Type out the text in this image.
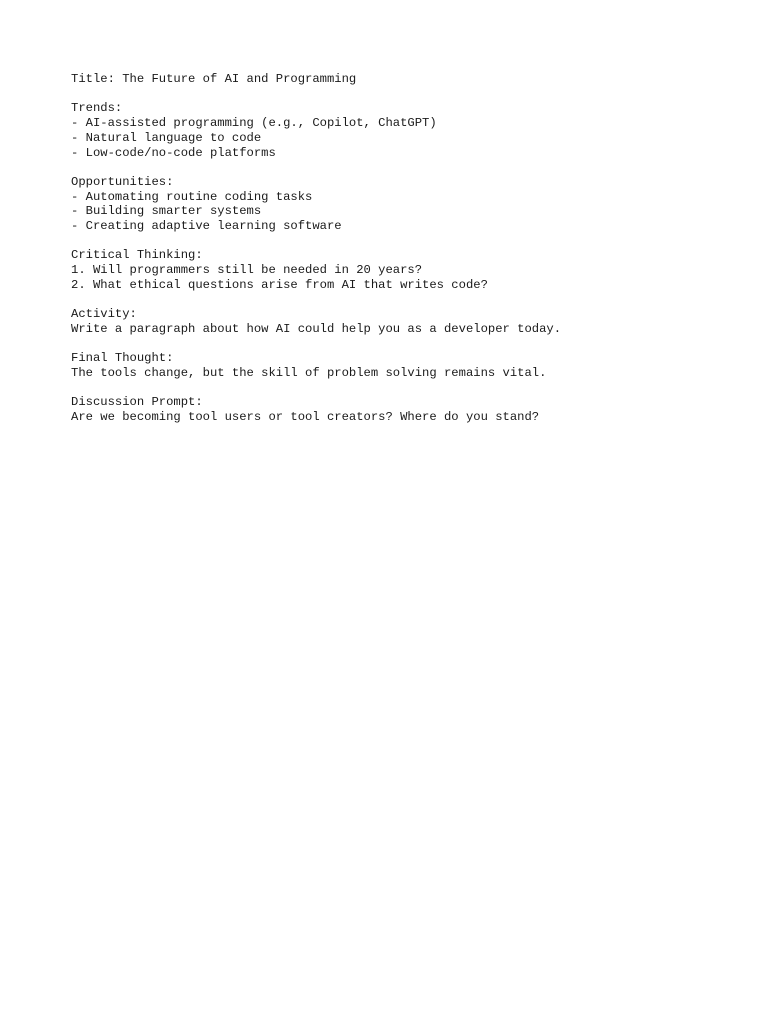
Title: The Future of AI and Programming
Trends:
- AI-assisted programming (e.g., Copilot, ChatGPT)
- Natural language to code
- Low-code/no-code platforms
Opportunities:
- Automating routine coding tasks
- Building smarter systems
- Creating adaptive learning software
Critical Thinking:
1. Will programmers still be needed in 20 years?
2. What ethical questions arise from AI that writes code?
Activity:
Write a paragraph about how AI could help you as a developer today.
Final Thought:
The tools change, but the skill of problem solving remains vital.
Discussion Prompt:
Are we becoming tool users or tool creators? Where do you stand?
